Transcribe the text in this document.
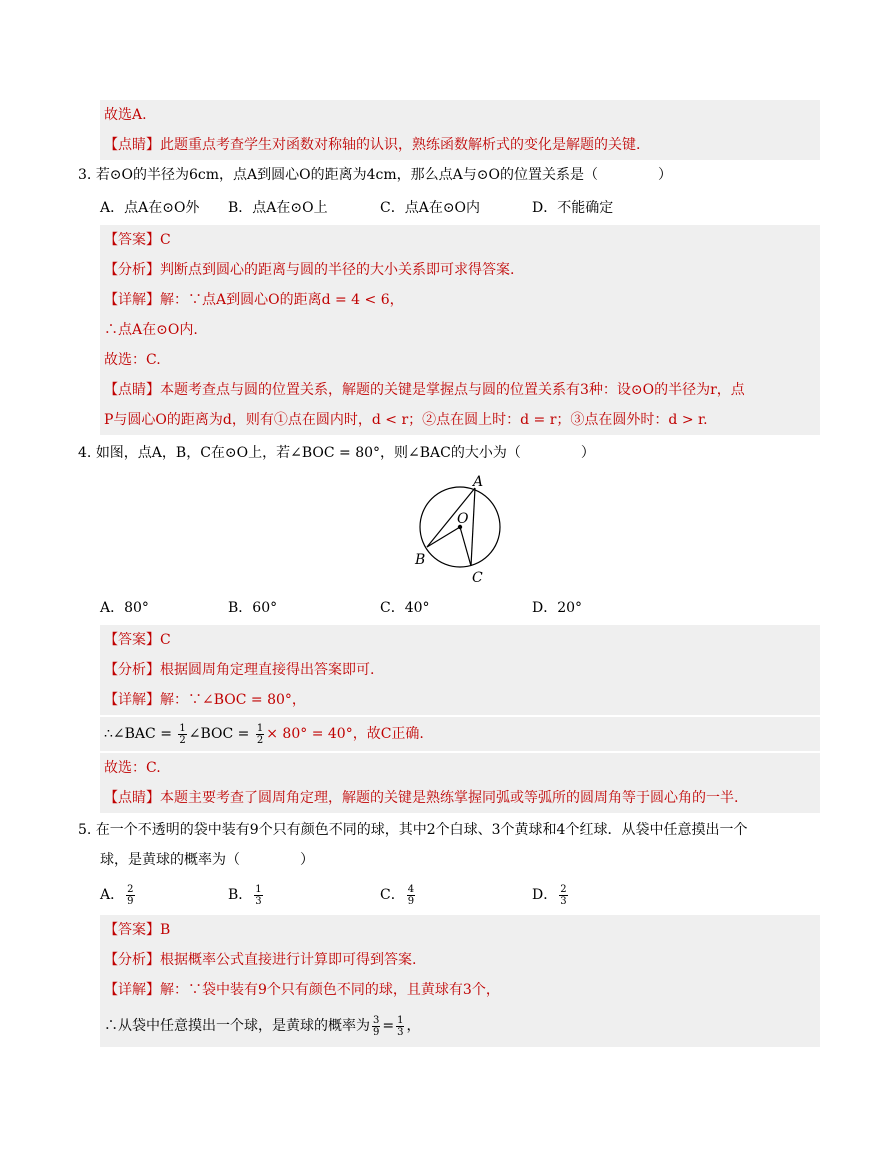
故选A.
【点睛】此题重点考查学生对函数对称轴的认识，熟练函数解析式的变化是解题的关键.
3. 若⊙O的半径为6cm，点A到圆心O的距离为4cm，那么点A与⊙O的位置关系是（	）
A．点A在⊙O外 B．点A在⊙O上	C．点A在⊙O内	D．不能确定
【答案】C
【分析】判断点到圆心的距离与圆的半径的大小关系即可求得答案.
【详解】解：∵点A到圆心O的距离d = 4 < 6，
∴点A在⊙O内.
故选：C.
【点睛】本题考查点与圆的位置关系，解题的关键是掌握点与圆的位置关系有3种：设⊙O的半径为r，点
P与圆心O的距离为d，则有①点在圆内时，d < r；②点在圆上时：d = r；③点在圆外时：d > r.
4. 如图，点A，B，C在⊙O上，若∠BOC = 80°，则∠BAC的大小为（	）
A
O
B
C
A．80°	B．60°	C．40°	D．20°
【答案】C
【分析】根据圆周角定理直接得出答案即可.
【详解】解：∵∠BOC = 80°，
∴∠BAC = $\frac{1}{2}$ ∠BOC = $\frac{1}{2} \times 80^\circ = 40^\circ$，故C正确.
故选：C.
【点睛】本题主要考查了圆周角定理，解题的关键是熟练掌握同弧或等弧所的圆周角等于圆心角的一半.
5. 在一个不透明的袋中装有9个只有颜色不同的球，其中2个白球、3个黄球和4个红球．从袋中任意摸出一个
球，是黄球的概率为（	）
A． $\frac{2}{9}$	B． $\frac{1}{3}$	C． $\frac{4}{9}$	D． $\frac{2}{3}$
【答案】B
【分析】根据概率公式直接进行计算即可得到答案.
【详解】解：∵袋中装有9个只有颜色不同的球，且黄球有3个，
∴从袋中任意摸出一个球，是黄球的概率为 $\frac{3}{9} = \frac{1}{3}$ ，
